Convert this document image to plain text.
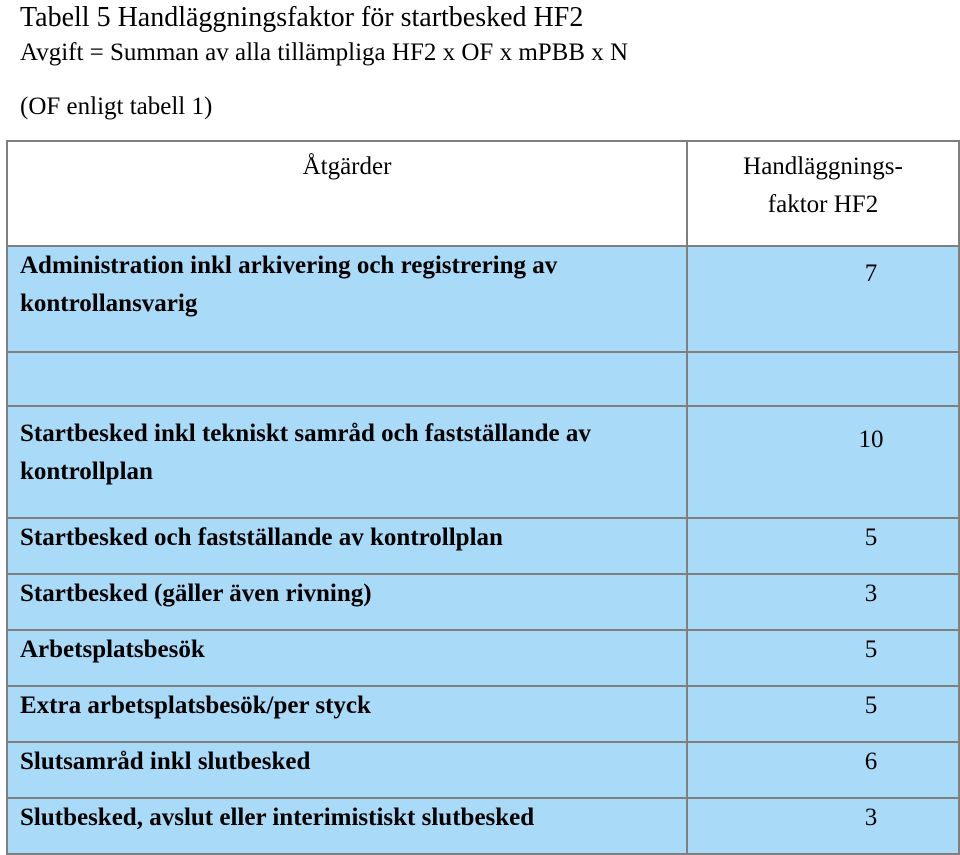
Tabell 5 Handläggningsfaktor för startbesked HF2
Avgift = Summan av alla tillämpliga HF2 x OF x mPBB x N
(OF enligt tabell 1)
Åtgärder	Handläggnings-
faktor HF2

Administration inkl arkivering och registrering av
kontrollansvarig	7

Startbesked inkl tekniskt samråd och fastställande av
kontrollplan	10
Startbesked och fastställande av kontrollplan	5
Startbesked (gäller även rivning)	3
Arbetsplatsbesök	5
Extra arbetsplatsbesök/per styck	5
Slutsamråd inkl slutbesked	6
Slutbesked, avslut eller interimistiskt slutbesked	3
